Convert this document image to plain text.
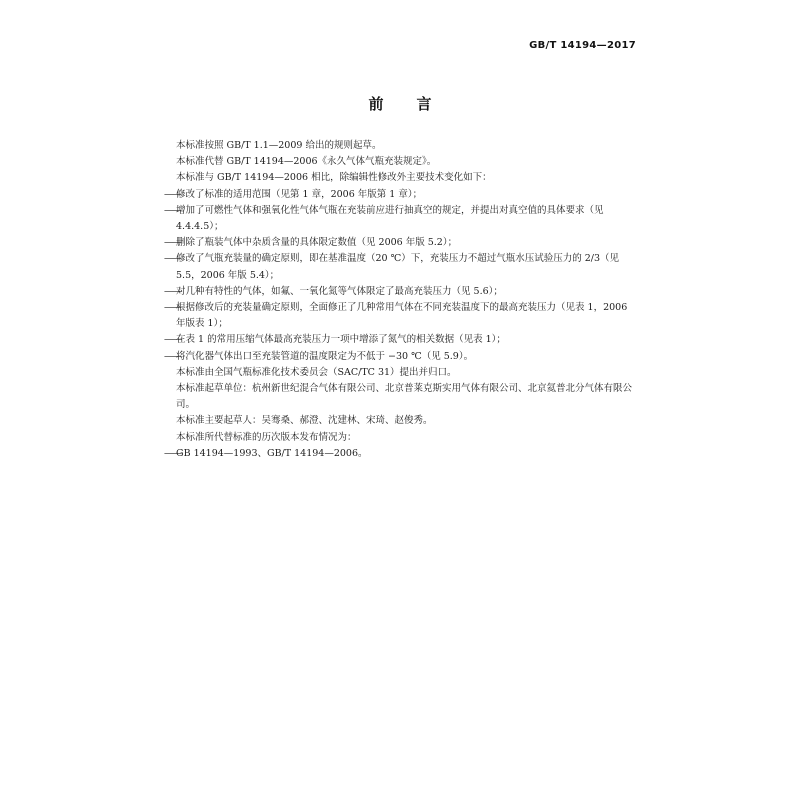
GB/T 14194—2017
前言

本标准按照 GB/T 1.1—2009 给出的规则起草。

本标准代替 GB/T 14194—2006《永久气体气瓶充装规定》。

本标准与 GB/T 14194—2006 相比，除编辑性修改外主要技术变化如下：

——修改了标准的适用范围（见第 1 章，2006 年版第 1 章）；

——增加了可燃性气体和强氧化性气体气瓶在充装前应进行抽真空的规定，并提出对真空值的具体要求（见 4.4.4.5）；

——删除了瓶装气体中杂质含量的具体限定数值（见 2006 年版 5.2）；

——修改了气瓶充装量的确定原则，即在基准温度（20 ℃）下，充装压力不超过气瓶水压试验压力的 2/3（见 5.5，2006 年版 5.4）；

——对几种有特性的气体，如氟、一氧化氮等气体限定了最高充装压力（见 5.6）；

——根据修改后的充装量确定原则，全面修正了几种常用气体在不同充装温度下的最高充装压力（见表 1，2006 年版表 1）；

——在表 1 的常用压缩气体最高充装压力一项中增添了氮气的相关数据（见表 1）；

——将汽化器气体出口至充装管道的温度限定为不低于 −30 ℃（见 5.9）。

本标准由全国气瓶标准化技术委员会（SAC/TC 31）提出并归口。

本标准起草单位：杭州新世纪混合气体有限公司、北京普莱克斯实用气体有限公司、北京氦普北分气体有限公司。

本标准主要起草人：吴骞桑、郝澄、沈建林、宋琦、赵俊秀。

本标准所代替标准的历次版本发布情况为：

——GB 14194—1993、GB/T 14194—2006。
